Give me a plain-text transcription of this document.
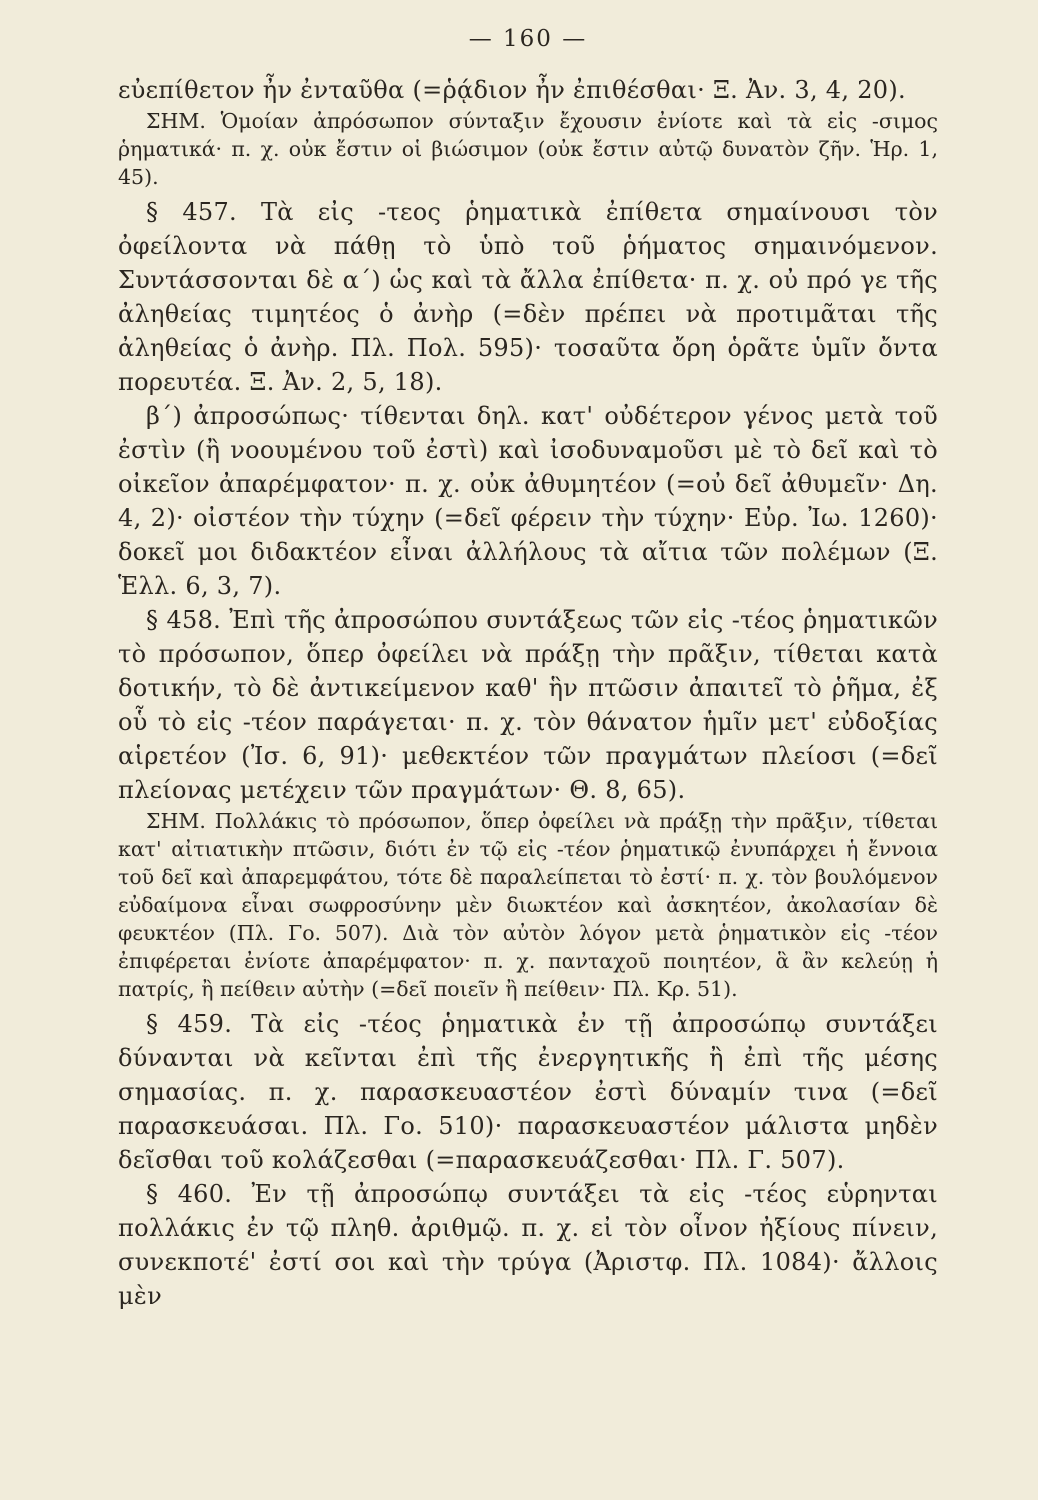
— 160 —

εὐεπίθετον ἦν ἐνταῦθα (=ῥᾴδιον ἦν ἐπιθέσθαι· Ξ. Ἀν. 3, 4, 20).

ΣΗΜ. Ὁμοίαν ἀπρόσωπον σύνταξιν ἔχουσιν ἐνίοτε καὶ τὰ εἰς -σιμος ῥηματικά· π. χ. οὐκ ἔστιν οἱ βιώσιμον (οὐκ ἔστιν αὐτῷ δυνατὸν ζῆν. Ἡρ. 1, 45).

§ 457. Τὰ εἰς -τεος ῥηματικὰ ἐπίθετα σημαίνουσι τὸν ὀφείλοντα νὰ πάθῃ τὸ ὑπὸ τοῦ ῥήματος σημαινόμενον. Συντάσσονται δὲ α΄) ὡς καὶ τὰ ἄλλα ἐπίθετα· π. χ. οὐ πρό γε τῆς ἀληθείας τιμητέος ὁ ἀνὴρ (=δὲν πρέπει νὰ προτιμᾶται τῆς ἀληθείας ὁ ἀνὴρ. Πλ. Πολ. 595)· τοσαῦτα ὄρη ὁρᾶτε ὑμῖν ὄντα πορευτέα. Ξ. Ἀν. 2, 5, 18).

β΄) ἀπροσώπως· τίθενται δηλ. κατ' οὐδέτερον γένος μετὰ τοῦ ἐστὶν (ἢ νοουμένου τοῦ ἐστὶ) καὶ ἰσοδυναμοῦσι μὲ τὸ δεῖ καὶ τὸ οἰκεῖον ἀπαρέμφατον· π. χ. οὐκ ἀθυμητέον (=οὐ δεῖ ἀθυμεῖν· Δη. 4, 2)· οἰστέον τὴν τύχην (=δεῖ φέρειν τὴν τύχην· Εὐρ. Ἰω. 1260)· δοκεῖ μοι διδακτέον εἶναι ἀλλήλους τὰ αἴτια τῶν πολέμων (Ξ. Ἑλλ. 6, 3, 7).

§ 458. Ἐπὶ τῆς ἀπροσώπου συντάξεως τῶν εἰς -τέος ῥηματικῶν τὸ πρόσωπον, ὅπερ ὀφείλει νὰ πράξῃ τὴν πρᾶξιν, τίθεται κατὰ δοτικήν, τὸ δὲ ἀντικείμενον καθ' ἣν πτῶσιν ἀπαιτεῖ τὸ ῥῆμα, ἐξ οὗ τὸ εἰς -τέον παράγεται· π. χ. τὸν θάνατον ἡμῖν μετ' εὐδοξίας αἱρετέον (Ἰσ. 6, 91)· μεθεκτέον τῶν πραγμάτων πλείοσι (=δεῖ πλείονας μετέχειν τῶν πραγμάτων· Θ. 8, 65).

ΣΗΜ. Πολλάκις τὸ πρόσωπον, ὅπερ ὀφείλει νὰ πράξῃ τὴν πρᾶξιν, τίθεται κατ' αἰτιατικὴν πτῶσιν, διότι ἐν τῷ εἰς -τέον ῥηματικῷ ἐνυπάρχει ἡ ἔννοια τοῦ δεῖ καὶ ἀπαρεμφάτου, τότε δὲ παραλείπεται τὸ ἐστί· π. χ. τὸν βουλόμενον εὐδαίμονα εἶναι σωφροσύνην μὲν διωκτέον καὶ ἀσκητέον, ἀκολασίαν δὲ φευκτέον (Πλ. Γο. 507). Διὰ τὸν αὐτὸν λόγον μετὰ ῥηματικὸν εἰς -τέον ἐπιφέρεται ἐνίοτε ἀπαρέμφατον· π. χ. πανταχοῦ ποιητέον, ἃ ἂν κελεύῃ ἡ πατρίς, ἢ πείθειν αὐτὴν (=δεῖ ποιεῖν ἢ πείθειν· Πλ. Κρ. 51).

§ 459. Τὰ εἰς -τέος ῥηματικὰ ἐν τῇ ἀπροσώπῳ συντάξει δύνανται νὰ κεῖνται ἐπὶ τῆς ἐνεργητικῆς ἢ ἐπὶ τῆς μέσης σημασίας. π. χ. παρασκευαστέον ἐστὶ δύναμίν τινα (=δεῖ παρασκευάσαι. Πλ. Γο. 510)· παρασκευαστέον μάλιστα μηδὲν δεῖσθαι τοῦ κολάζεσθαι (=παρασκευάζεσθαι· Πλ. Γ. 507).

§ 460. Ἐν τῇ ἀπροσώπῳ συντάξει τὰ εἰς -τέος εὑρηνται πολλάκις ἐν τῷ πληθ. ἀριθμῷ. π. χ. εἰ τὸν οἶνον ἠξίους πίνειν, συνεκποτέ' ἐστί σοι καὶ τὴν τρύγα (Ἀριστφ. Πλ. 1084)· ἄλλοις μὲν
